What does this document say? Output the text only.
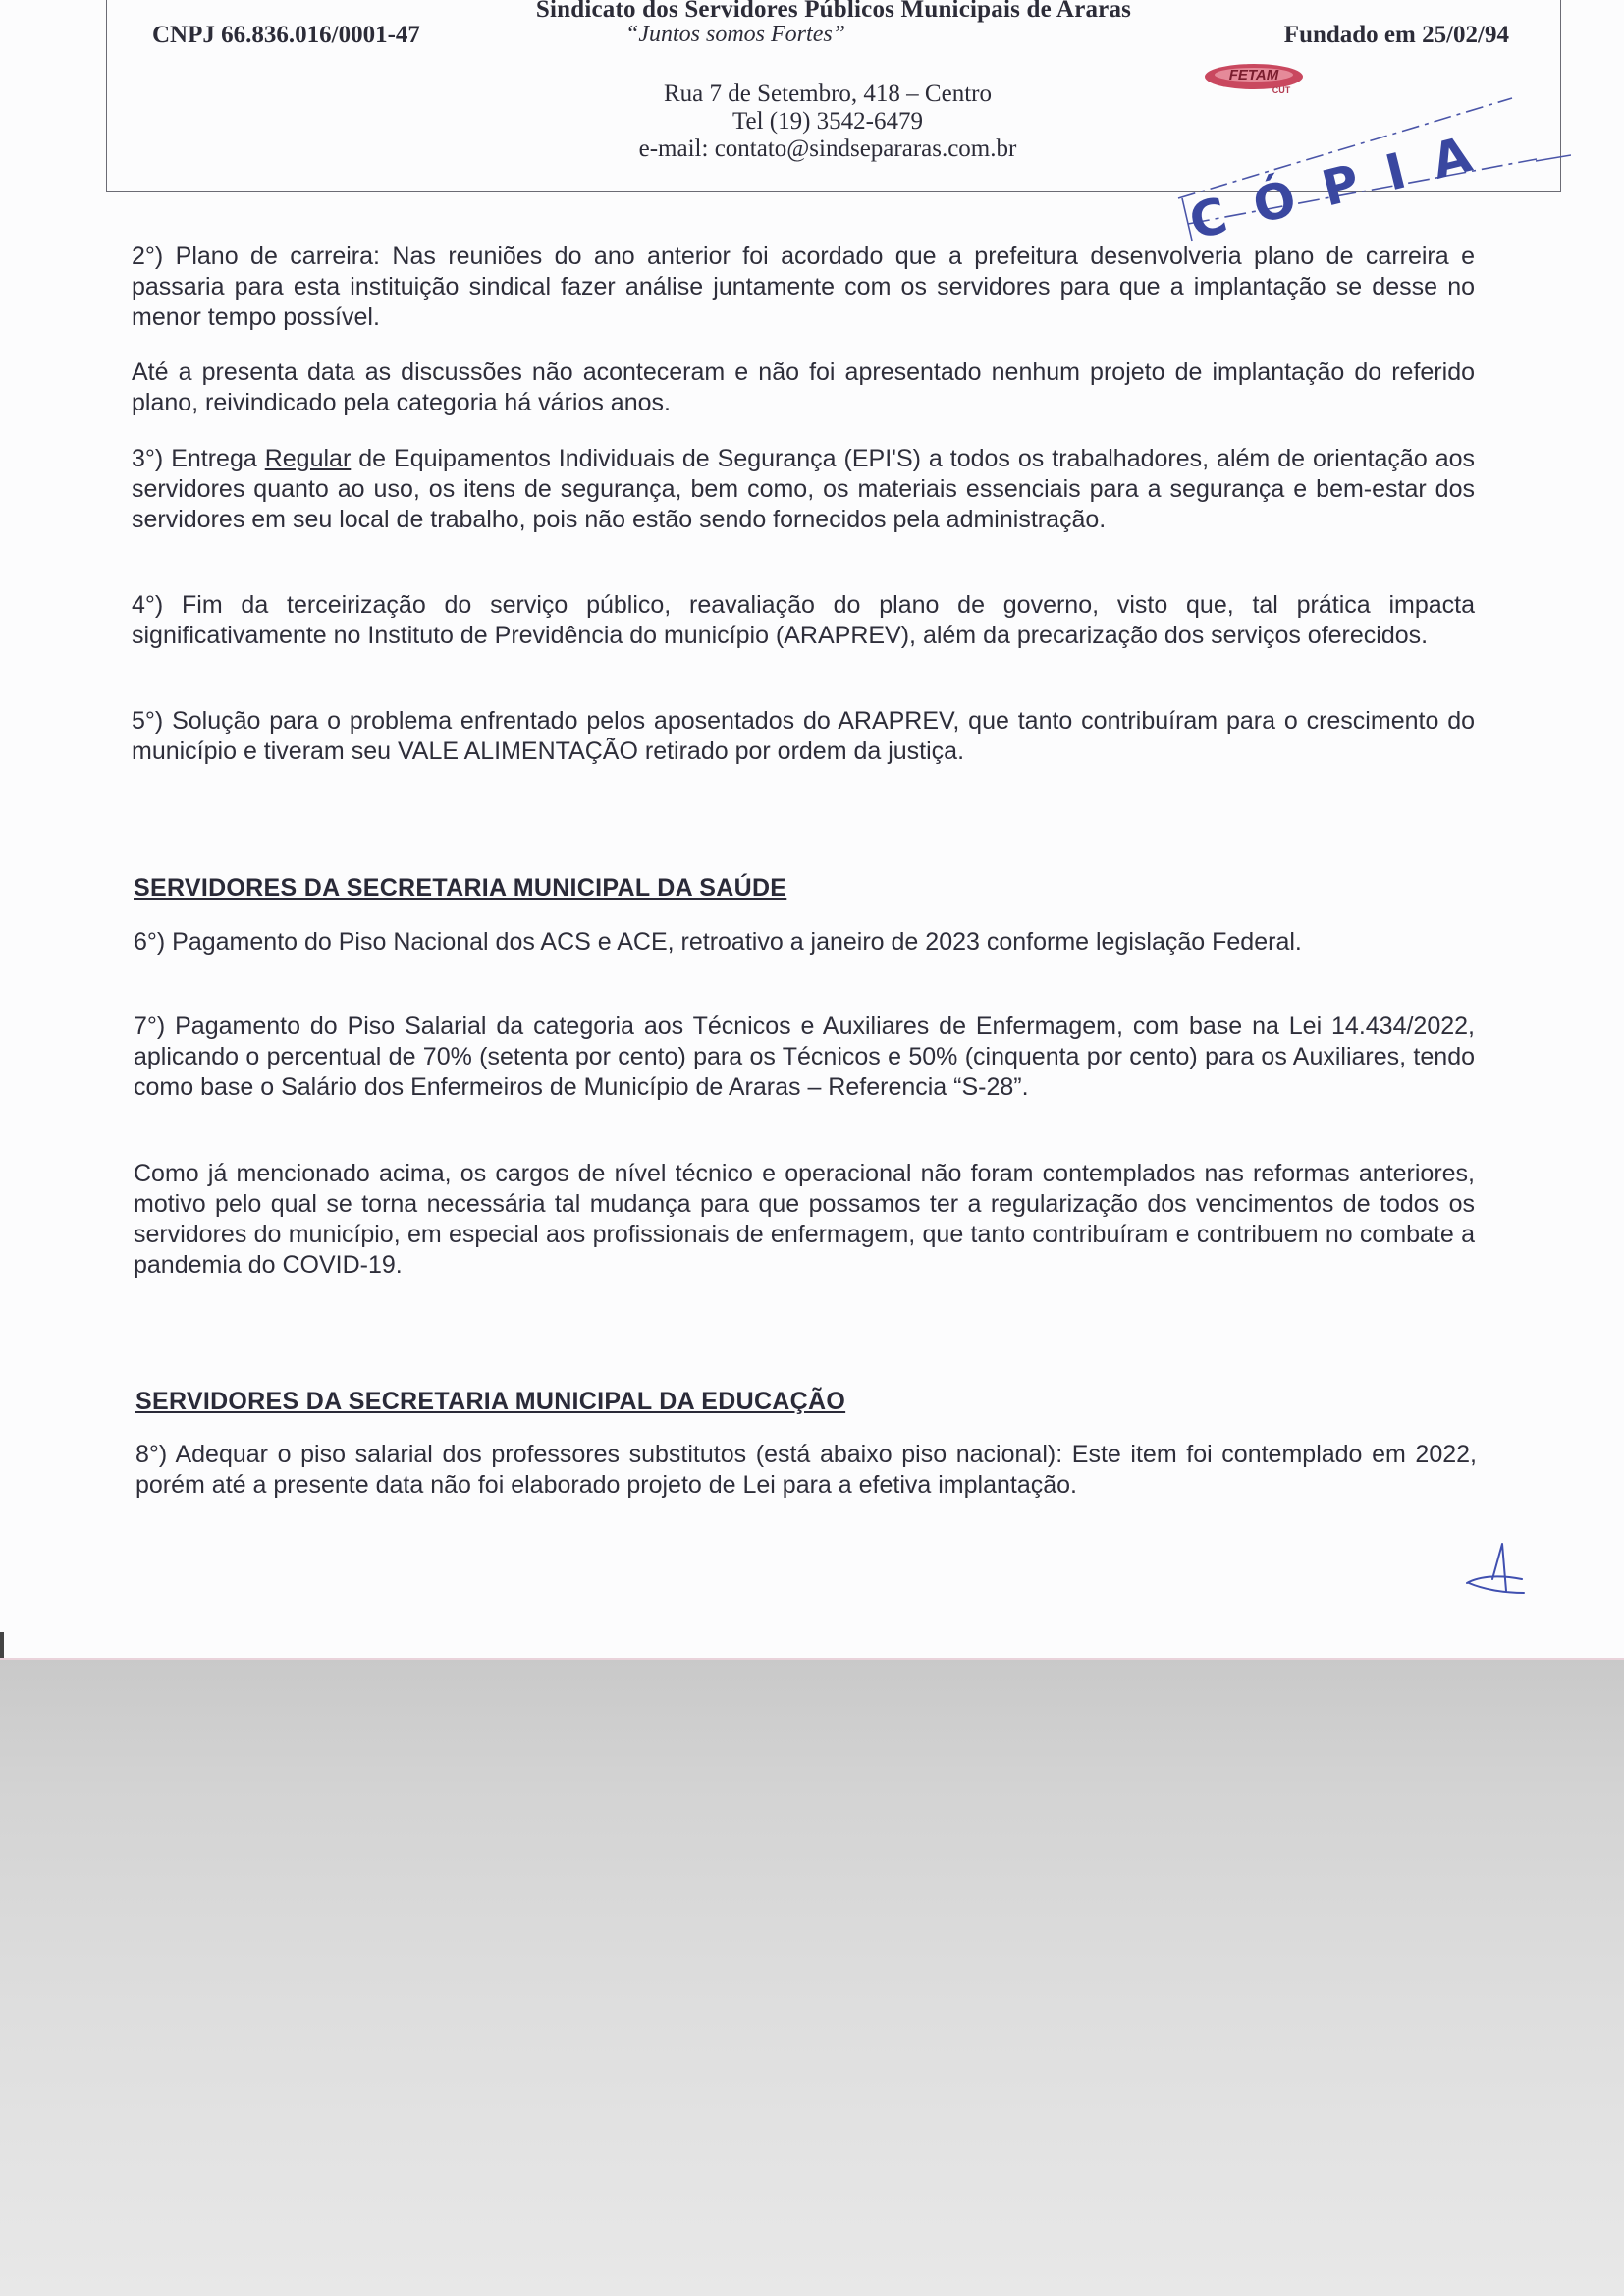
Sindicato dos Servidores Públicos Municipais de Araras
CNPJ 66.836.016/0001-47	“Juntos somos Fortes”	Fundado em 25/02/94
Rua 7 de Setembro, 418 – Centro
Tel (19) 3542-6479
e-mail: contato@sindsepararas.com.br
FETAM
CUT
CÓPIA
2°) Plano de carreira: Nas reuniões do ano anterior foi acordado que a prefeitura desenvolveria plano de carreira e passaria para esta instituição sindical fazer análise juntamente com os servidores para que a implantação se desse no menor tempo possível.
Até a presenta data as discussões não aconteceram e não foi apresentado nenhum projeto de implantação do referido plano, reivindicado pela categoria há vários anos.
3°) Entrega Regular de Equipamentos Individuais de Segurança (EPI'S) a todos os trabalhadores, além de orientação aos servidores quanto ao uso, os itens de segurança, bem como, os materiais essenciais para a segurança e bem-estar dos servidores em seu local de trabalho, pois não estão sendo fornecidos pela administração.
4°) Fim da terceirização do serviço público, reavaliação do plano de governo, visto que, tal prática impacta significativamente no Instituto de Previdência do município (ARAPREV), além da precarização dos serviços oferecidos.
5°) Solução para o problema enfrentado pelos aposentados do ARAPREV, que tanto contribuíram para o crescimento do município e tiveram seu VALE ALIMENTAÇÃO retirado por ordem da justiça.
SERVIDORES DA SECRETARIA MUNICIPAL DA SAÚDE
6°) Pagamento do Piso Nacional dos ACS e ACE, retroativo a janeiro de 2023 conforme legislação Federal.
7°) Pagamento do Piso Salarial da categoria aos Técnicos e Auxiliares de Enfermagem, com base na Lei 14.434/2022, aplicando o percentual de 70% (setenta por cento) para os Técnicos e 50% (cinquenta por cento) para os Auxiliares, tendo como base o Salário dos Enfermeiros de Município de Araras – Referencia “S-28”.
Como já mencionado acima, os cargos de nível técnico e operacional não foram contemplados nas reformas anteriores, motivo pelo qual se torna necessária tal mudança para que possamos ter a regularização dos vencimentos de todos os servidores do município, em especial aos profissionais de enfermagem, que tanto contribuíram e contribuem no combate a pandemia do COVID-19.
SERVIDORES DA SECRETARIA MUNICIPAL DA EDUCAÇÃO
8°) Adequar o piso salarial dos professores substitutos (está abaixo piso nacional): Este item foi contemplado em 2022, porém até a presente data não foi elaborado projeto de Lei para a efetiva implantação.
